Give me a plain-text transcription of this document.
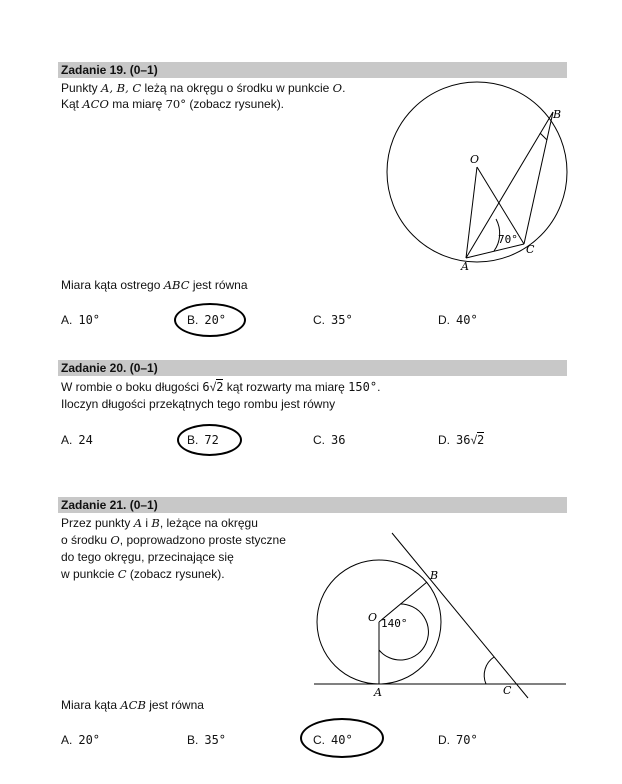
Zadanie 19. (0–1)
Punkty A, B, C leżą na okręgu o środku w punkcie O.
Kąt ACO ma miarę 70° (zobacz rysunek).
O
A
B
C
70°
Miara kąta ostrego ABC jest równa
A. 10°	B. 20°	C. 35°	D. 40°
Zadanie 20. (0–1)
W rombie o boku długości 6√2 kąt rozwarty ma miarę 150°.
Iloczyn długości przekątnych tego rombu jest równy
A. 24	B. 72	C. 36	D. 36√2
Zadanie 21. (0–1)
Przez punkty A i B, leżące na okręgu
o środku O, poprowadzono proste styczne
do tego okręgu, przecinające się
w punkcie C (zobacz rysunek).
O
A
B
C
140°
Miara kąta ACB jest równa
A. 20°	B. 35°	C. 40°	D. 70°
